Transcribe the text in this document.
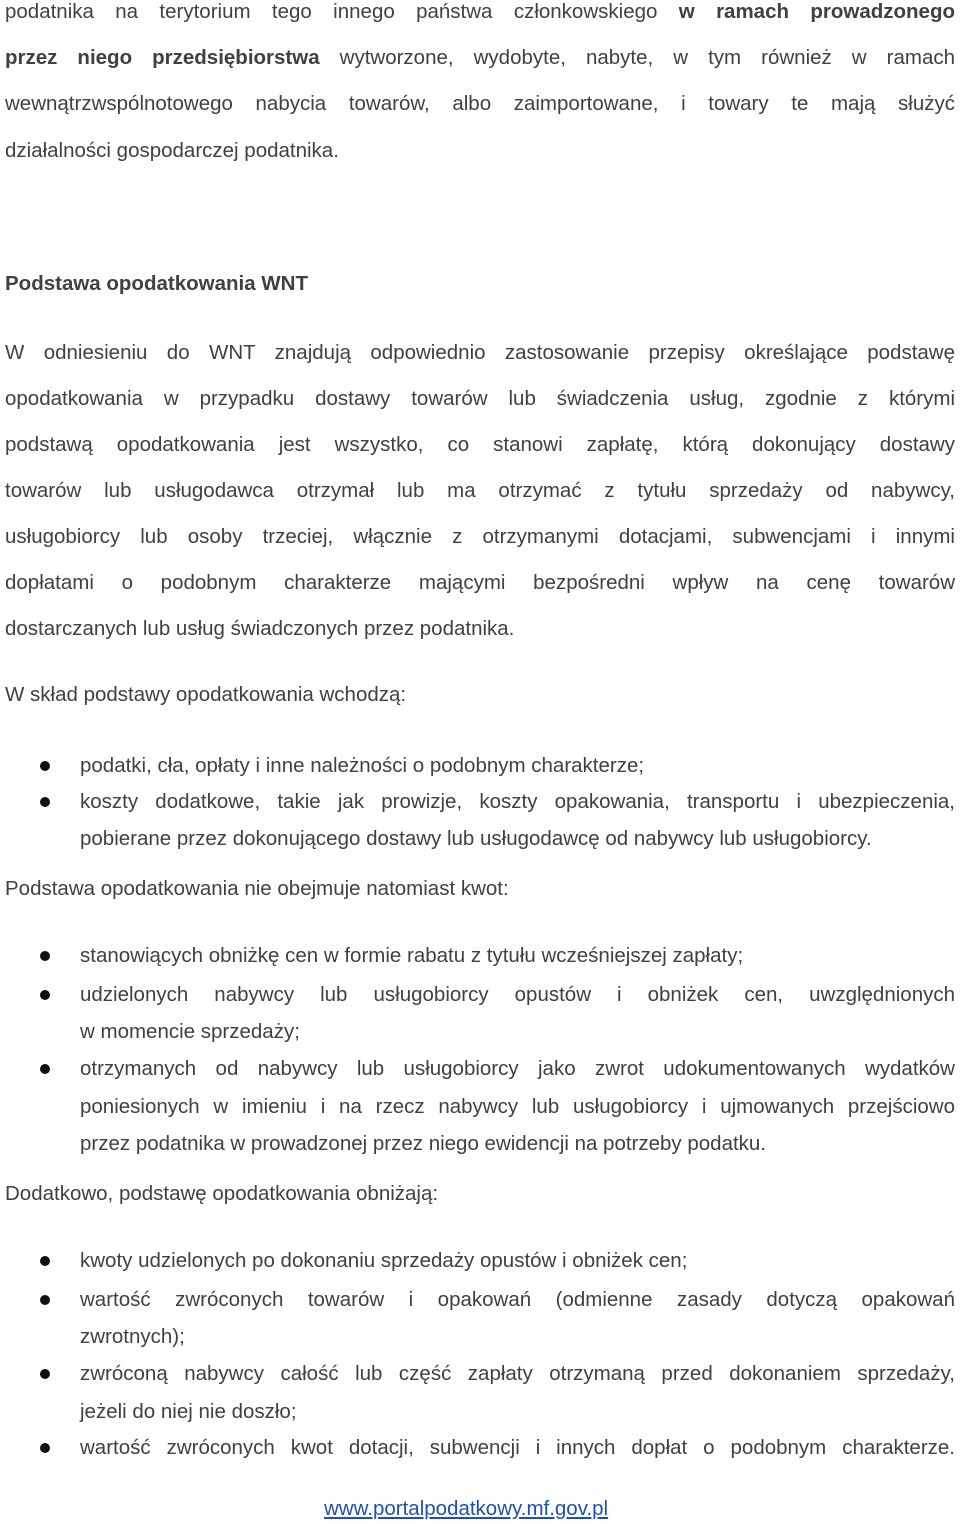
podatnika na terytorium tego innego państwa członkowskiego w ramach prowadzonego
przez niego przedsiębiorstwa wytworzone, wydobyte, nabyte, w tym również w ramach
wewnątrzwspólnotowego nabycia towarów, albo zaimportowane, i towary te mają służyć
działalności gospodarczej podatnika.
Podstawa opodatkowania WNT
W odniesieniu do WNT znajdują odpowiednio zastosowanie przepisy określające podstawę
opodatkowania w przypadku dostawy towarów lub świadczenia usług, zgodnie z którymi
podstawą opodatkowania jest wszystko, co stanowi zapłatę, którą dokonujący dostawy
towarów lub usługodawca otrzymał lub ma otrzymać z tytułu sprzedaży od nabywcy,
usługobiorcy lub osoby trzeciej, włącznie z otrzymanymi dotacjami, subwencjami i innymi
dopłatami o podobnym charakterze mającymi bezpośredni wpływ na cenę towarów
dostarczanych lub usług świadczonych przez podatnika.
W skład podstawy opodatkowania wchodzą:
podatki, cła, opłaty i inne należności o podobnym charakterze;
koszty dodatkowe, takie jak prowizje, koszty opakowania, transportu i ubezpieczenia,
pobierane przez dokonującego dostawy lub usługodawcę od nabywcy lub usługobiorcy.
Podstawa opodatkowania nie obejmuje natomiast kwot:
stanowiących obniżkę cen w formie rabatu z tytułu wcześniejszej zapłaty;
udzielonych nabywcy lub usługobiorcy opustów i obniżek cen, uwzględnionych
w momencie sprzedaży;
otrzymanych od nabywcy lub usługobiorcy jako zwrot udokumentowanych wydatków
poniesionych w imieniu i na rzecz nabywcy lub usługobiorcy i ujmowanych przejściowo
przez podatnika w prowadzonej przez niego ewidencji na potrzeby podatku.
Dodatkowo, podstawę opodatkowania obniżają:
kwoty udzielonych po dokonaniu sprzedaży opustów i obniżek cen;
wartość zwróconych towarów i opakowań (odmienne zasady dotyczą opakowań
zwrotnych);
zwróconą nabywcy całość lub część zapłaty otrzymaną przed dokonaniem sprzedaży,
jeżeli do niej nie doszło;
wartość zwróconych kwot dotacji, subwencji i innych dopłat o podobnym charakterze.
www.portalpodatkowy.mf.gov.pl
